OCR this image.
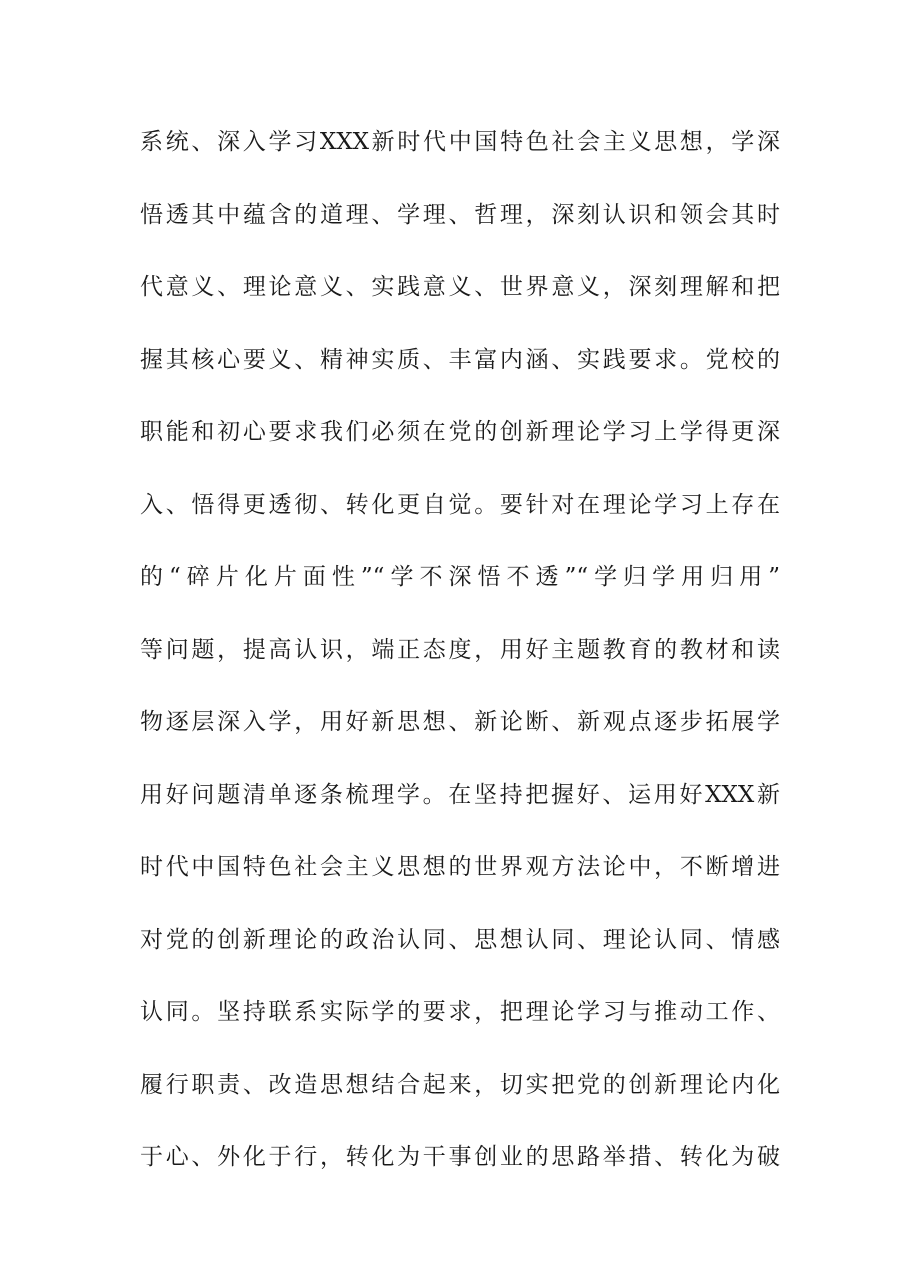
系统、深入学习XXX新时代中国特色社会主义思想，学深
悟透其中蕴含的道理、学理、哲理，深刻认识和领会其时
代意义、理论意义、实践意义、世界意义，深刻理解和把
握其核心要义、精神实质、丰富内涵、实践要求。党校的
职能和初心要求我们必须在党的创新理论学习上学得更深
入、悟得更透彻、转化更自觉。要针对在理论学习上存在
的“碎片化片面性”“学不深悟不透”“学归学用归用”
等问题，提高认识，端正态度，用好主题教育的教材和读
物逐层深入学，用好新思想、新论断、新观点逐步拓展学
用好问题清单逐条梳理学。在坚持把握好、运用好XXX新
时代中国特色社会主义思想的世界观方法论中，不断增进
对党的创新理论的政治认同、思想认同、理论认同、情感
认同。坚持联系实际学的要求，把理论学习与推动工作、
履行职责、改造思想结合起来，切实把党的创新理论内化
于心、外化于行，转化为干事创业的思路举措、转化为破
